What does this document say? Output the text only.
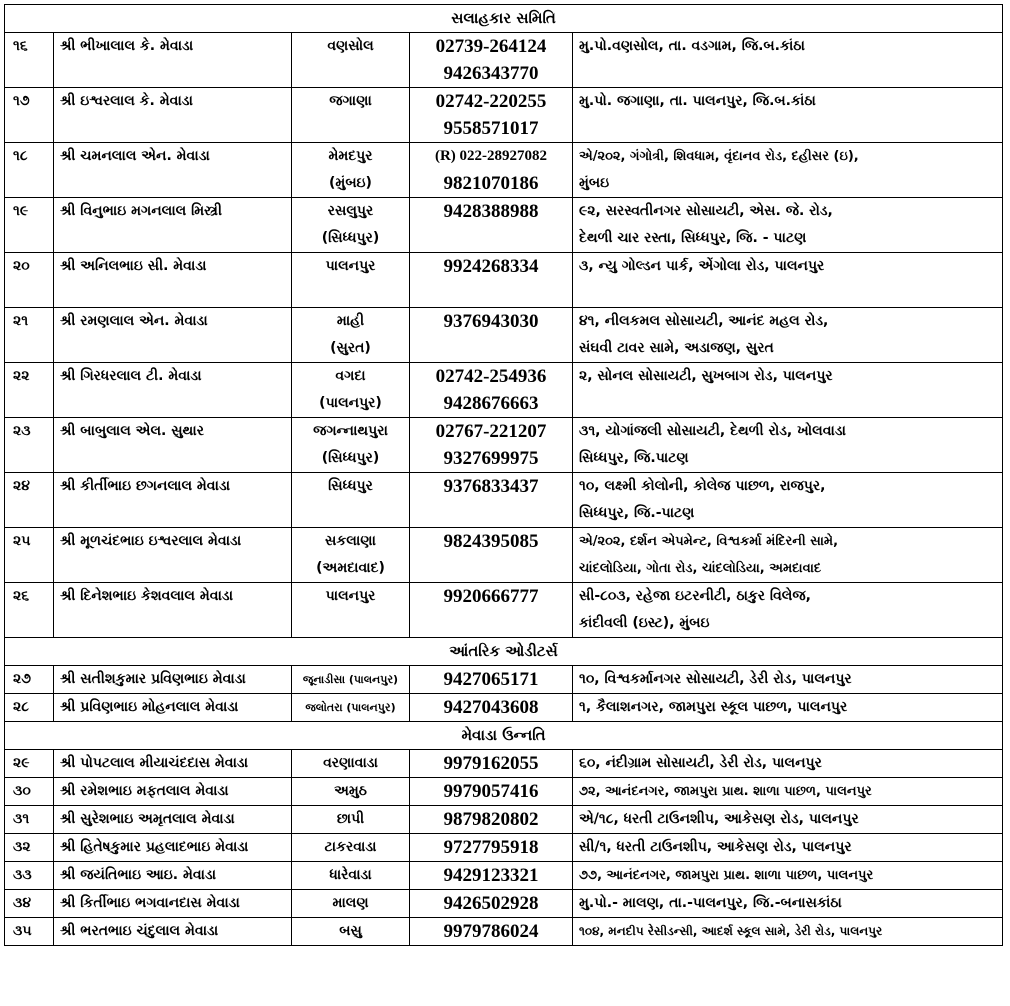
સલાહકાર સમિતિ				
૧૬	શ્રી ભીખાલાલ કે. મેવાડા	વણસોલ	02739-264124	મુ.પો.વણસોલ, તા. વડગામ, જિ.બ.કાંઠા
			9426343770	
૧૭	શ્રી ઇશ્વરલાલ કે. મેવાડા	જગાણા	02742-220255	મુ.પો. જગાણા, તા. પાલનપુર, જિ.બ.કાંઠા
			9558571017	
૧૮	શ્રી ચમનલાલ એન. મેવાડા	મેમદપુર	(R) 022-28927082	એ/૨૦૨, ગંગોત્રી, શિવધામ, વૃંદાનવ રોડ, દહીસર (ઇ),
		(મુંબઇ)	9821070186	મુંબઇ
૧૯	શ્રી વિનુભાઇ મગનલાલ મિસ્ત્રી	રસલુપુર	9428388988	૯૨, સરસ્વતીનગર સોસાયટી, એસ. જે. રોડ,
		(સિધ્ધપુર)		દેથળી ચાર રસ્તા, સિધ્ધપુર, જિ. - પાટણ
૨૦	શ્રી અનિલભાઇ સી. મેવાડા	પાલનપુર	9924268334	૩, ન્યુ ગોલ્ડન પાર્ક, એંગોલા રોડ, પાલનપુર

૨૧	શ્રી રમણલાલ એન. મેવાડા	માહી	9376943030	૪૧, નીલકમલ સોસાયટી, આનંદ મહલ રોડ,
		(સુરત)		સંઘવી ટાવર સામે, અડાજણ, સુરત
૨૨	શ્રી ગિરધરલાલ ટી. મેવાડા	વગદા	02742-254936	૨, સોનલ સોસાયટી, સુખબાગ રોડ, પાલનપુર
		(પાલનપુર)	9428676663	
૨૩	શ્રી બાબુલાલ એલ. સુથાર	જગન્નાથપુરા	02767-221207	૩૧, યોગાંજલી સોસાયટી, દેથળી રોડ, ખોલવાડા
		(સિધ્ધપુર)	9327699975	સિધ્ધપુર, જિ.પાટણ
૨૪	શ્રી કીર્તીભાઇ છગનલાલ મેવાડા	સિધ્ધપુર	9376833437	૧૦, લક્ષ્મી કોલોની, કોલેજ પાછળ, રાજપુર,
				સિધ્ધપુર, જિ.-પાટણ
૨૫	શ્રી મૂળચંદભાઇ ઇશ્વરલાલ મેવાડા	સકલાણા	9824395085	એ/૨૦૨, દર્શન એપમેન્ટ, વિશ્વકર્મા મંદિરની સામે,
		(અમદાવાદ)		ચાંદલોડિયા, ગોતા રોડ, ચાંદલોડિયા, અમદાવાદ
૨૬	શ્રી દિનેશભાઇ કેશવલાલ મેવાડા	પાલનપુર	9920666777	સી-૮૦૩, રહેજા ઇટરનીટી, ઠાકુર વિલેજ,
				કાંદીવલી (ઇસ્ટ), મુંબઇ
આંતરિક ઓડીટર્સ				
૨૭	શ્રી સતીશકુમાર પ્રવિણભાઇ મેવાડા	જૂનાડીસા (પાલનપુર)	9427065171	૧૦, વિશ્વકર્માનગર સોસાયટી, ડેરી રોડ, પાલનપુર
૨૮	શ્રી પ્રવિણભાઇ મોહનલાલ મેવાડા	જલોતરા (પાલનપુર)	9427043608	૧, કૈલાશનગર, જામપુરા સ્કૂલ પાછળ, પાલનપુર
મેવાડા ઉન્નતિ				
૨૯	શ્રી પોપટલાલ મીયાચંદદાસ મેવાડા	વરણાવાડા	9979162055	૬૦, નંદીગ્રામ સોસાયટી, ડેરી રોડ, પાલનપુર
૩૦	શ્રી રમેશભાઇ મફતલાલ મેવાડા	અમુઠ	9979057416	૭૨, આનંદનગર, જામપુરા પ્રાથ. શાળા પાછળ, પાલનપુર
૩૧	શ્રી સુરેશભાઇ અમૃતલાલ મેવાડા	છાપી	9879820802	એ/૧૮, ધરતી ટાઉનશીપ, આકેસણ રોડ, પાલનપુર
૩૨	શ્રી હિતેષકુમાર પ્રહલાદભાઇ મેવાડા	ટાકરવાડા	9727795918	સી/૧, ધરતી ટાઉનશીપ, આકેસણ રોડ, પાલનપુર
૩૩	શ્રી જયંતિભાઇ આઇ. મેવાડા	ધારેવાડા	9429123321	૭૭, આનંદનગર, જામપુરા પ્રાથ. શાળા પાછળ, પાલનપુર
૩૪	શ્રી કિર્તીભાઇ ભગવાનદાસ મેવાડા	માલણ	9426502928	મુ.પો.- માલણ, તા.-પાલનપુર, જિ.-બનાસકાંઠા
૩૫	શ્રી ભરતભાઇ ચંદુલાલ મેવાડા	બસુ	9979786024	૧૦૪, મનદીપ રેસીડન્સી, આદર્શ સ્કૂલ સામે, ડેરી રોડ, પાલનપુર
